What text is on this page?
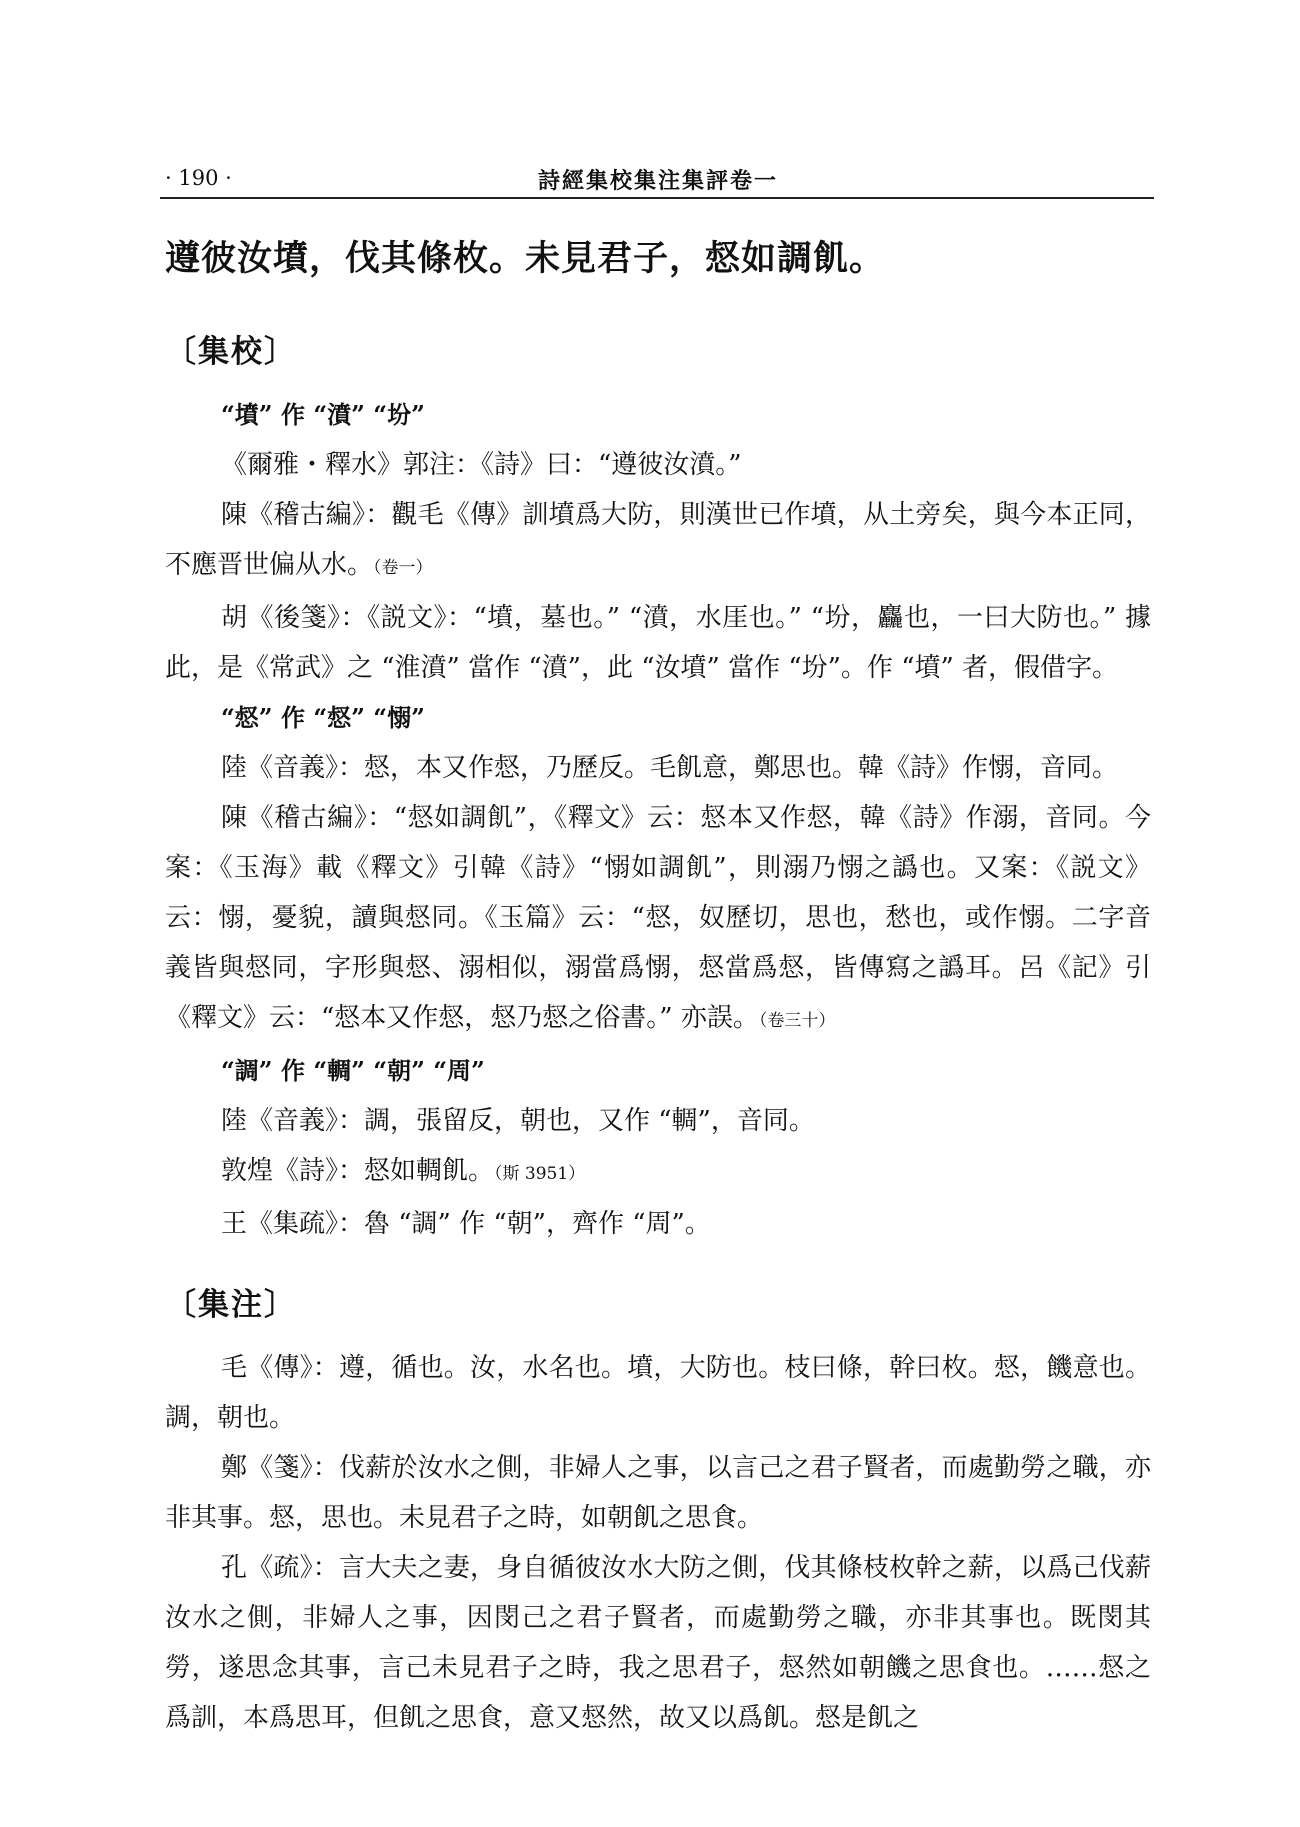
· 190 ·	詩經集校集注集評卷一

遵彼汝墳，伐其條枚。未見君子，惄如調飢。

〔集校〕

“墳” 作 “濆” “坋”

《爾雅・釋水》郭注：《詩》曰：“遵彼汝濆。”

陳《稽古編》：觀毛《傳》訓墳爲大防，則漢世已作墳，从土旁矣，與今本正同，不應晋世偏从水。（卷一）

胡《後箋》：《説文》：“墳，墓也。” “濆，水厓也。” “坋，麤也，一曰大防也。” 據此，是《常武》之 “淮濆” 當作 “濆”，此 “汝墳” 當作 “坋”。作 “墳” 者，假借字。

“惄” 作 “惄” “愵”

陸《音義》：惄，本又作惄，乃歷反。毛飢意，鄭思也。韓《詩》作愵，音同。

陳《稽古編》：“惄如調飢”，《釋文》云：惄本又作惄，韓《詩》作溺，音同。今案：《玉海》載《釋文》引韓《詩》“愵如調飢”，則溺乃愵之譌也。又案：《説文》云：愵，憂貌，讀與惄同。《玉篇》云：“惄，奴歷切，思也，愁也，或作愵。二字音義皆與惄同，字形與惄、溺相似，溺當爲愵，惄當爲惄，皆傳寫之譌耳。呂《記》引《釋文》云：“惄本又作惄，惄乃惄之俗書。” 亦誤。（卷三十）

“調” 作 “輖” “朝” “周”

陸《音義》：調，張留反，朝也，又作 “輖”，音同。

敦煌《詩》：惄如輖飢。（斯 3951）

王《集疏》：魯 “調” 作 “朝”，齊作 “周”。

〔集注〕

毛《傳》：遵，循也。汝，水名也。墳，大防也。枝曰條，幹曰枚。惄，饑意也。調，朝也。

鄭《箋》：伐薪於汝水之側，非婦人之事，以言己之君子賢者，而處勤勞之職，亦非其事。惄，思也。未見君子之時，如朝飢之思食。

孔《疏》：言大夫之妻，身自循彼汝水大防之側，伐其條枝枚幹之薪，以爲己伐薪汝水之側，非婦人之事，因閔己之君子賢者，而處勤勞之職，亦非其事也。既閔其勞，遂思念其事，言己未見君子之時，我之思君子，惄然如朝饑之思食也。……惄之爲訓，本爲思耳，但飢之思食，意又惄然，故又以爲飢。惄是飢之
